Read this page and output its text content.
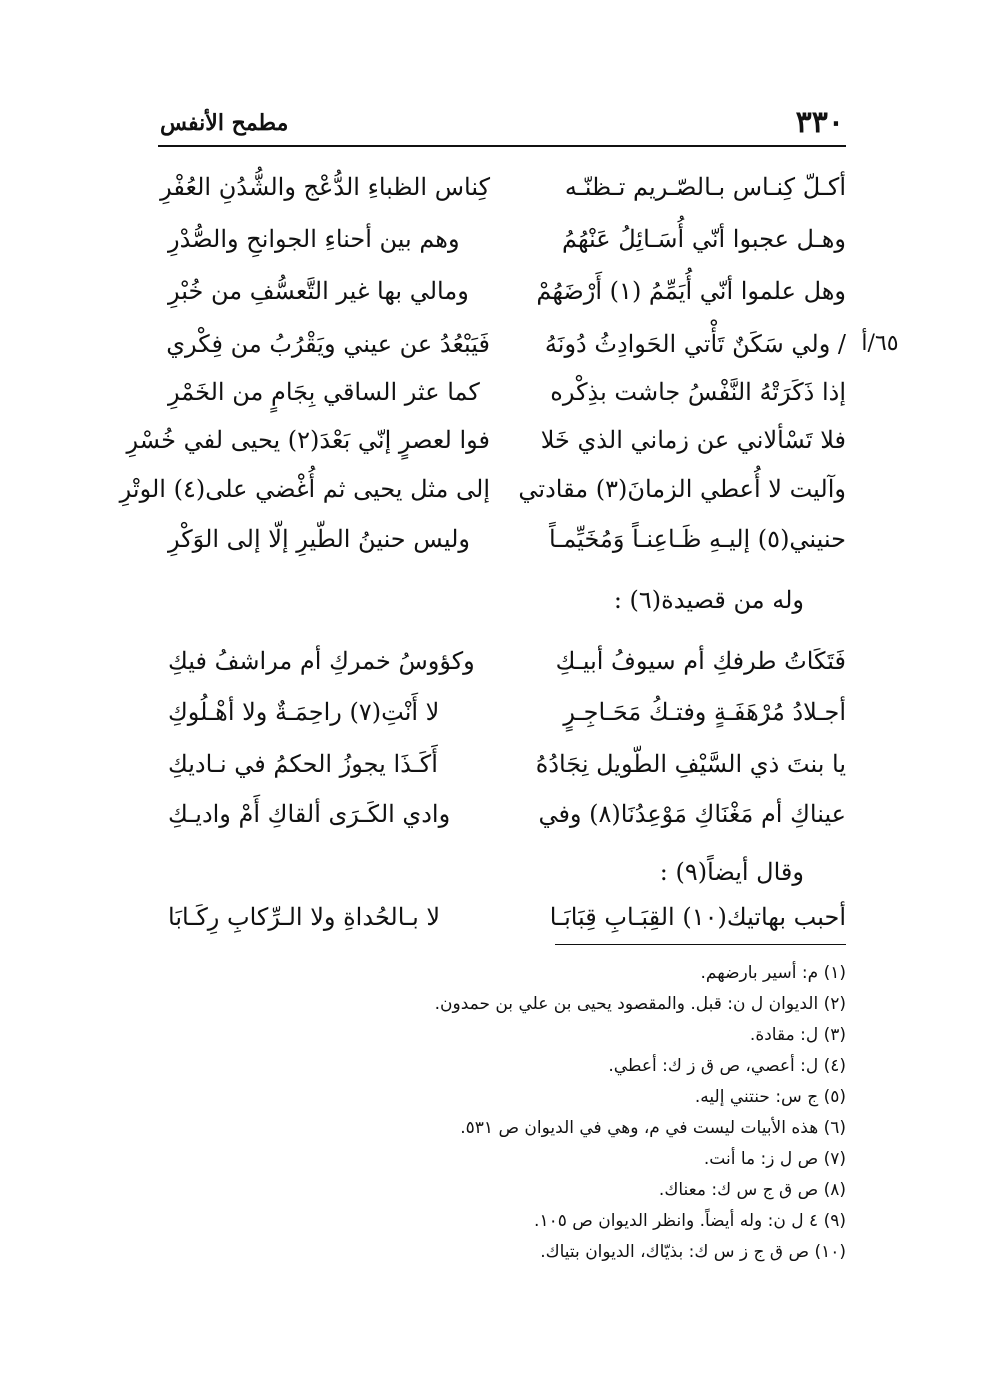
٣٣٠
مطمح الأنفس
٦٥/أ
أكـلّ كِنـاس بـالصّـريم تـظنّـه
كِناس الظباءِ الدُّعْج والشُّدُنِ العُفْرِ
وهـل عجبوا أنّي أُسَـائِلُ عَنْهُمُ
وهم بين أحناءِ الجوانحِ والصُّدْرِ
وهل علموا أنّي أُيَمِّمُ (١) أَرْضَهُمْ
ومالي بها غير التَّعسُّفِ من خُبْرِ
/ ولي سَكَنٌ تَأْتي الحَوادِثُ دُونَهُ
فَيَبْعُدُ عن عيني ويَقْرُبُ من فِكْري
إذا ذَكَرَتْهُ النَّفْسُ جاشت بذِكْره
كما عثر الساقي بِجَامٍ من الخَمْرِ
فلا تَسْألاني عن زماني الذي خَلا
فوا لعصرٍ إنّي بَعْدَ(٢) يحيى لفي خُسْرِ
وآليت لا أُعطي الزمانَ(٣) مقادتي
إلى مثل يحيى ثم أُغْضي على(٤) الوتْرِ
حنيني(٥) إليـهِ ظَـاعِنـاً وَمُخَيِّمـاً
وليس حنينُ الطّيرِ إلّا إلى الوَكْرِ
وله من قصيدة(٦) :
فَتَكَاتُ طرفكِ أم سيوفُ أبيـكِ
وكؤوسُ خمركِ أم مراشفُ فيكِ
أجـلادُ مُرْهَفَـةٍ وفتـكُ مَحَـاجِـرٍ
لا أَنْتِ(٧) راحِمَـةٌ ولا أهْـلُوكِ
يا بنتَ ذي السَّيْفِ الطّويل نِجَادُهُ
أَكَـذَا يجوزُ الحكمُ في نـاديكِ
عيناكِ أم مَغْنَاكِ مَوْعِدُنَا(٨) وفي
وادي الكَـرَى ألقاكِ أَمْ واديـكِ
وقال أيضاً(٩) :
أحبب بهاتيك(١٠) القِبَـابِ قِبَابَـا
لا بـالحُداةِ ولا الـرِّكابِ رِكَـابَا
(١) م: أسير بارضهم.
(٢) الديوان ل ن: قبل. والمقصود يحيى بن علي بن حمدون.
(٣) ل: مقادة.
(٤) ل: أعصي، ص ق ز ك: أعطي.
(٥) ج س: حنتني إليه.
(٦) هذه الأبيات ليست في م، وهي في الديوان ص ٥٣١.
(٧) ص ل ز: ما أنت.
(٨) ص ق ج س ك: معناك.
(٩) ٤ ل ن: وله أيضاً. وانظر الديوان ص ١٠٥.
(١٠) ص ق ج ز س ك: بذيّاك، الديوان بتياك.
